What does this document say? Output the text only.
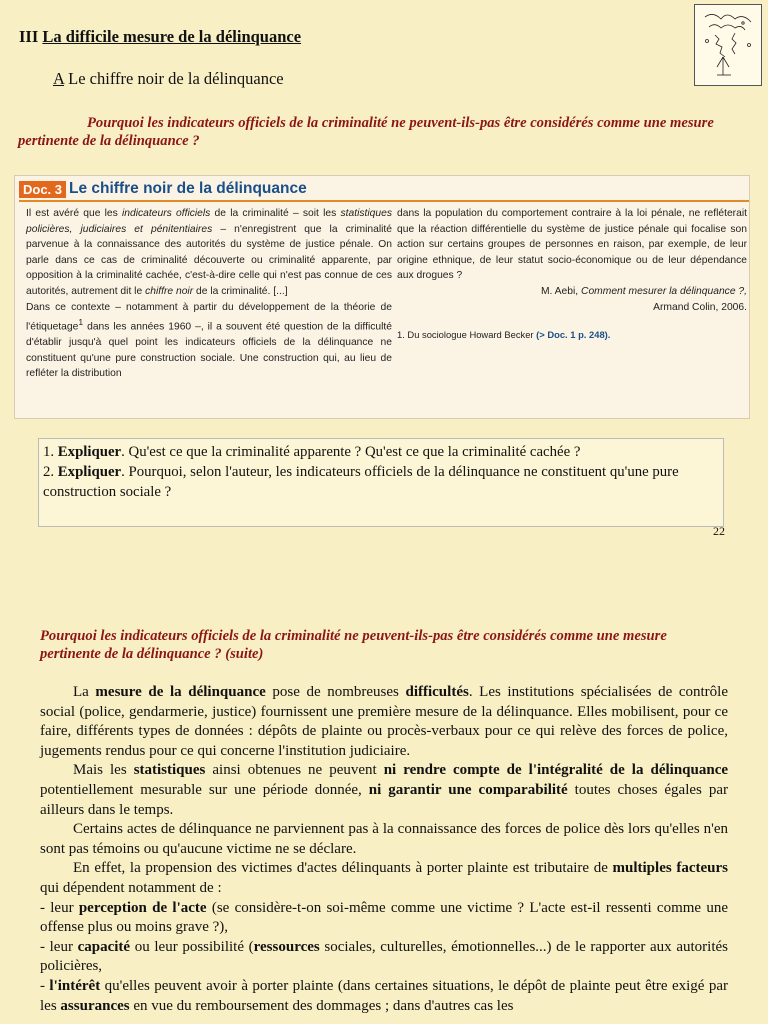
III La difficile mesure de la délinquance
A Le chiffre noir de la délinquance
Pourquoi les indicateurs officiels de la criminalité ne peuvent-ils-pas être considérés comme une mesure pertinente de la délinquance ?
Doc. 3 Le chiffre noir de la délinquance

Il est avéré que les indicateurs officiels de la criminalité – soit les statistiques policières, judiciaires et pénitentiaires – n'enregistrent que la criminalité parvenue à la connaissance des autorités du système de justice pénale. On parle dans ce cas de criminalité découverte ou criminalité apparente, par opposition à la criminalité cachée, c'est-à-dire celle qui n'est pas connue de ces autorités, autrement dit le chiffre noir de la criminalité. [...]

Dans ce contexte – notamment à partir du développement de la théorie de l'étiquetage$^1$ dans les années 1960 –, il a souvent été question de la difficulté d'établir jusqu'à quel point les indicateurs officiels de la délinquance ne constituent qu'une pure construction sociale. Une construction qui, au lieu de refléter la distribution

dans la population du comportement contraire à la loi pénale, ne refléterait que la réaction différentielle du système de justice pénale qui focalise son action sur certains groupes de personnes en raison, par exemple, de leur origine ethnique, de leur statut socio-économique ou de leur dépendance aux drogues ?

M. Aebi, Comment mesurer la délinquance ?,

Armand Colin, 2006.

1. Du sociologue Howard Becker (> Doc. 1 p. 248).

1. Expliquer. Qu'est ce que la criminalité apparente ? Qu'est ce que la criminalité cachée ?

2. Expliquer. Pourquoi, selon l'auteur, les indicateurs officiels de la délinquance ne constituent qu'une pure construction sociale ?

22
Pourquoi les indicateurs officiels de la criminalité ne peuvent-ils-pas être considérés comme une mesure pertinente de la délinquance ? (suite)

La mesure de la délinquance pose de nombreuses difficultés. Les institutions spécialisées de contrôle social (police, gendarmerie, justice) fournissent une première mesure de la délinquance. Elles mobilisent, pour ce faire, différents types de données : dépôts de plainte ou procès-verbaux pour ce qui relève des forces de police, jugements rendus pour ce qui concerne l'institution judiciaire.

Mais les statistiques ainsi obtenues ne peuvent ni rendre compte de l'intégralité de la délinquance potentiellement mesurable sur une période donnée, ni garantir une comparabilité toutes choses égales par ailleurs dans le temps.

Certains actes de délinquance ne parviennent pas à la connaissance des forces de police dès lors qu'elles n'en sont pas témoins ou qu'aucune victime ne se déclare.

En effet, la propension des victimes d'actes délinquants à porter plainte est tributaire de multiples facteurs qui dépendent notamment de :

- leur perception de l'acte (se considère-t-on soi-même comme une victime ? L'acte est-il ressenti comme une offense plus ou moins grave ?),

- leur capacité ou leur possibilité (ressources sociales, culturelles, émotionnelles...) de le rapporter aux autorités policières,

- l'intérêt qu'elles peuvent avoir à porter plainte (dans certaines situations, le dépôt de plainte peut être exigé par les assurances en vue du remboursement des dommages ; dans d'autres cas les
